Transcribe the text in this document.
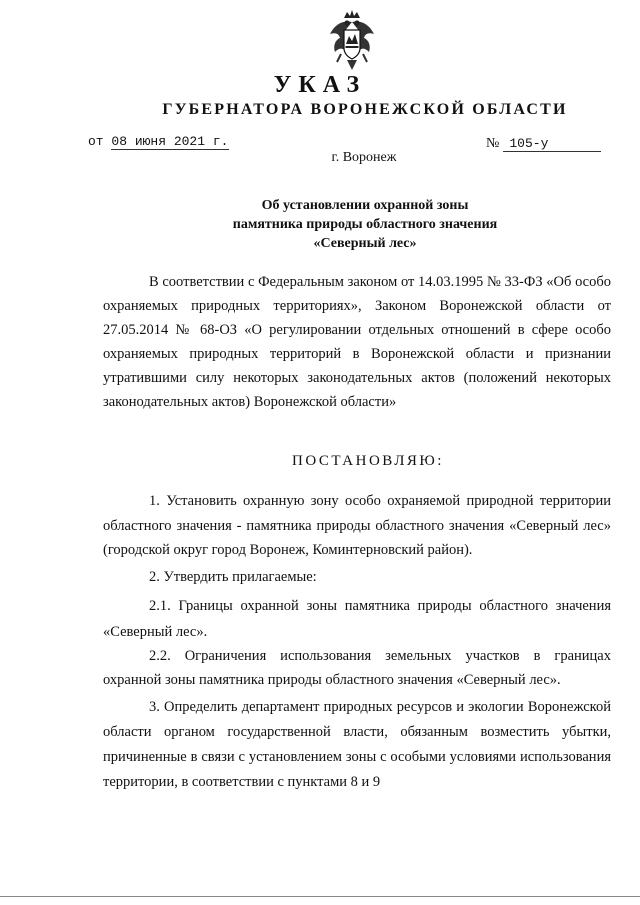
УКАЗ
ГУБЕРНАТОРА ВОРОНЕЖСКОЙ ОБЛАСТИ
от 08 июня 2021 г.	№ 105-у
г. Воронеж
Об установлении охранной зоны
памятника природы областного значения
«Северный лес»
В соответствии с Федеральным законом от 14.03.1995 № 33-ФЗ «Об особо охраняемых природных территориях», Законом Воронежской области от 27.05.2014 № 68-ОЗ «О регулировании отдельных отношений в сфере особо охраняемых природных территорий в Воронежской области и признании утратившими силу некоторых законодательных актов (положений некоторых законодательных актов) Воронежской области»
ПОСТАНОВЛЯЮ:
1. Установить охранную зону особо охраняемой природной территории областного значения - памятника природы областного значения «Северный лес» (городской округ город Воронеж, Коминтерновский район).
2. Утвердить прилагаемые:
2.1. Границы охранной зоны памятника природы областного значения «Северный лес».
2.2. Ограничения использования земельных участков в границах охранной зоны памятника природы областного значения «Северный лес».
3. Определить департамент природных ресурсов и экологии Воронежской области органом государственной власти, обязанным возместить убытки, причиненные в связи с установлением зоны с особыми условиями использования территории, в соответствии с пунктами 8 и 9
